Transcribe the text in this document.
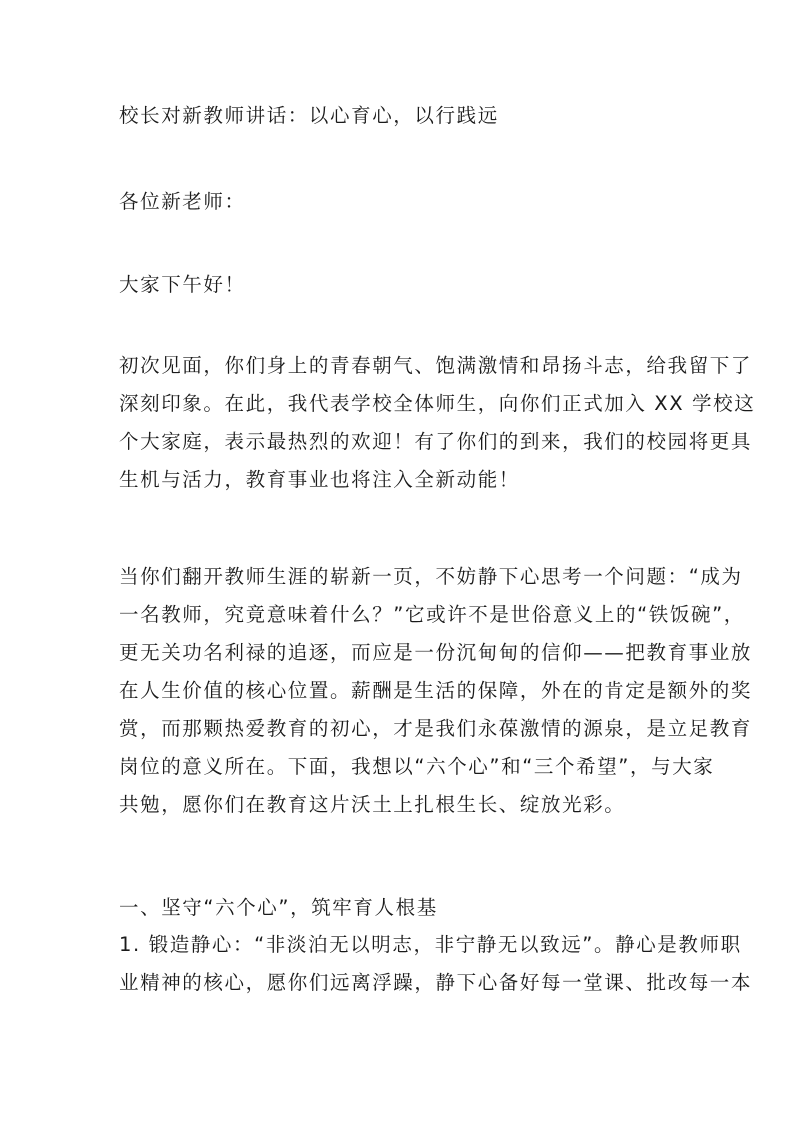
校长对新教师讲话：以心育心，以行践远
各位新老师：
大家下午好！
初次见面，你们身上的青春朝气、饱满激情和昂扬斗志，给我留下了
深刻印象。在此，我代表学校全体师生，向你们正式加入 XX 学校这
个大家庭，表示最热烈的欢迎！有了你们的到来，我们的校园将更具
生机与活力，教育事业也将注入全新动能！
当你们翻开教师生涯的崭新一页，不妨静下心思考一个问题：“成为
一名教师，究竟意味着什么？”它或许不是世俗意义上的“铁饭碗”，
更无关功名利禄的追逐，而应是一份沉甸甸的信仰——把教育事业放
在人生价值的核心位置。薪酬是生活的保障，外在的肯定是额外的奖
赏，而那颗热爱教育的初心，才是我们永葆激情的源泉，是立足教育
岗位的意义所在。下面，我想以“六个心”和“三个希望”，与大家
共勉，愿你们在教育这片沃土上扎根生长、绽放光彩。
一、坚守“六个心”，筑牢育人根基
1. 锻造静心：“非淡泊无以明志，非宁静无以致远”。静心是教师职
业精神的核心，愿你们远离浮躁，静下心备好每一堂课、批改每一本
